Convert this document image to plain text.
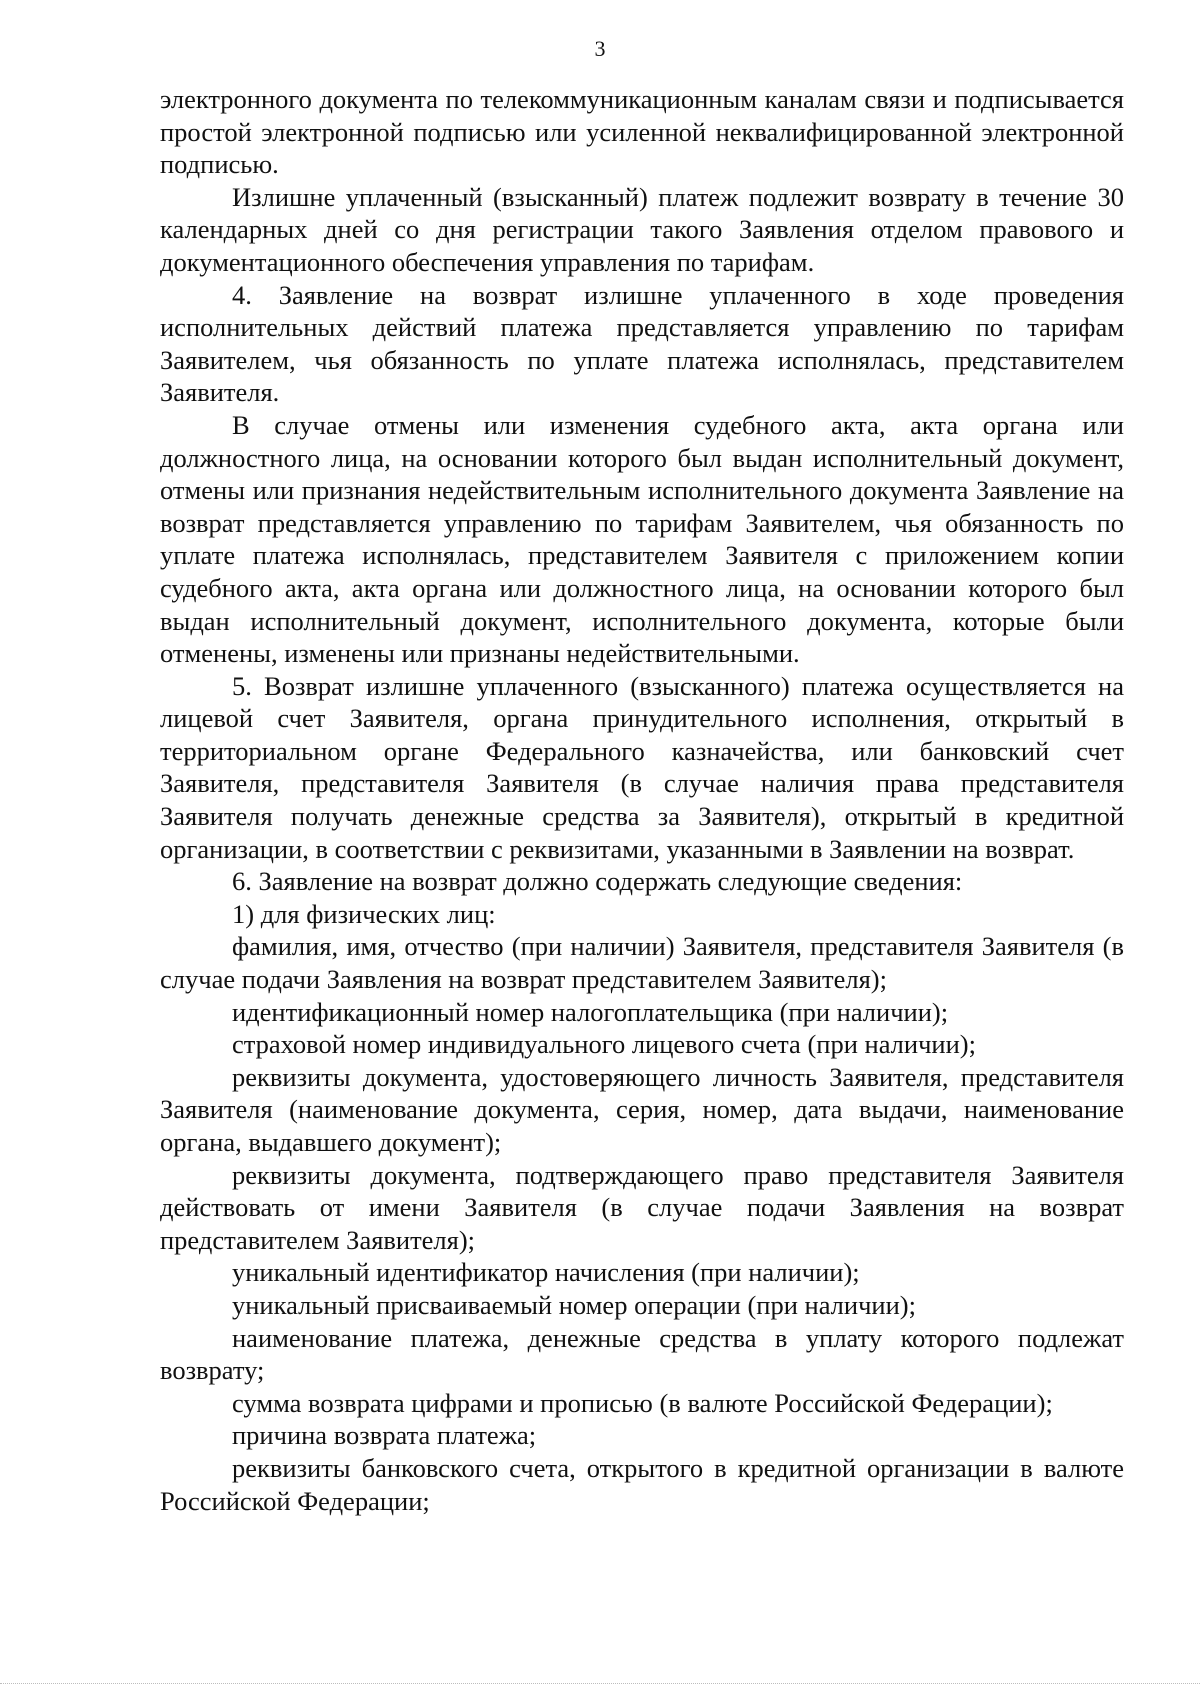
3

электронного документа по телекоммуникационным каналам связи и подписывается простой электронной подписью или усиленной неквалифицированной электронной подписью.

Излишне уплаченный (взысканный) платеж подлежит возврату в течение 30 календарных дней со дня регистрации такого Заявления отделом правового и документационного обеспечения управления по тарифам.

4. Заявление на возврат излишне уплаченного в ходе проведения исполнительных действий платежа представляется управлению по тарифам Заявителем, чья обязанность по уплате платежа исполнялась, представителем Заявителя.

В случае отмены или изменения судебного акта, акта органа или должностного лица, на основании которого был выдан исполнительный документ, отмены или признания недействительным исполнительного документа Заявление на возврат представляется управлению по тарифам Заявителем, чья обязанность по уплате платежа исполнялась, представителем Заявителя с приложением копии судебного акта, акта органа или должностного лица, на основании которого был выдан исполнительный документ, исполнительного документа, которые были отменены, изменены или признаны недействительными.

5. Возврат излишне уплаченного (взысканного) платежа осуществляется на лицевой счет Заявителя, органа принудительного исполнения, открытый в территориальном органе Федерального казначейства, или банковский счет Заявителя, представителя Заявителя (в случае наличия права представителя Заявителя получать денежные средства за Заявителя), открытый в кредитной организации, в соответствии с реквизитами, указанными в Заявлении на возврат.

6. Заявление на возврат должно содержать следующие сведения:

1) для физических лиц:

фамилия, имя, отчество (при наличии) Заявителя, представителя Заявителя (в случае подачи Заявления на возврат представителем Заявителя);

идентификационный номер налогоплательщика (при наличии);

страховой номер индивидуального лицевого счета (при наличии);

реквизиты документа, удостоверяющего личность Заявителя, представителя Заявителя (наименование документа, серия, номер, дата выдачи, наименование органа, выдавшего документ);

реквизиты документа, подтверждающего право представителя Заявителя действовать от имени Заявителя (в случае подачи Заявления на возврат представителем Заявителя);

уникальный идентификатор начисления (при наличии);

уникальный присваиваемый номер операции (при наличии);

наименование платежа, денежные средства в уплату которого подлежат возврату;

сумма возврата цифрами и прописью (в валюте Российской Федерации);

причина возврата платежа;

реквизиты банковского счета, открытого в кредитной организации в валюте Российской Федерации;
